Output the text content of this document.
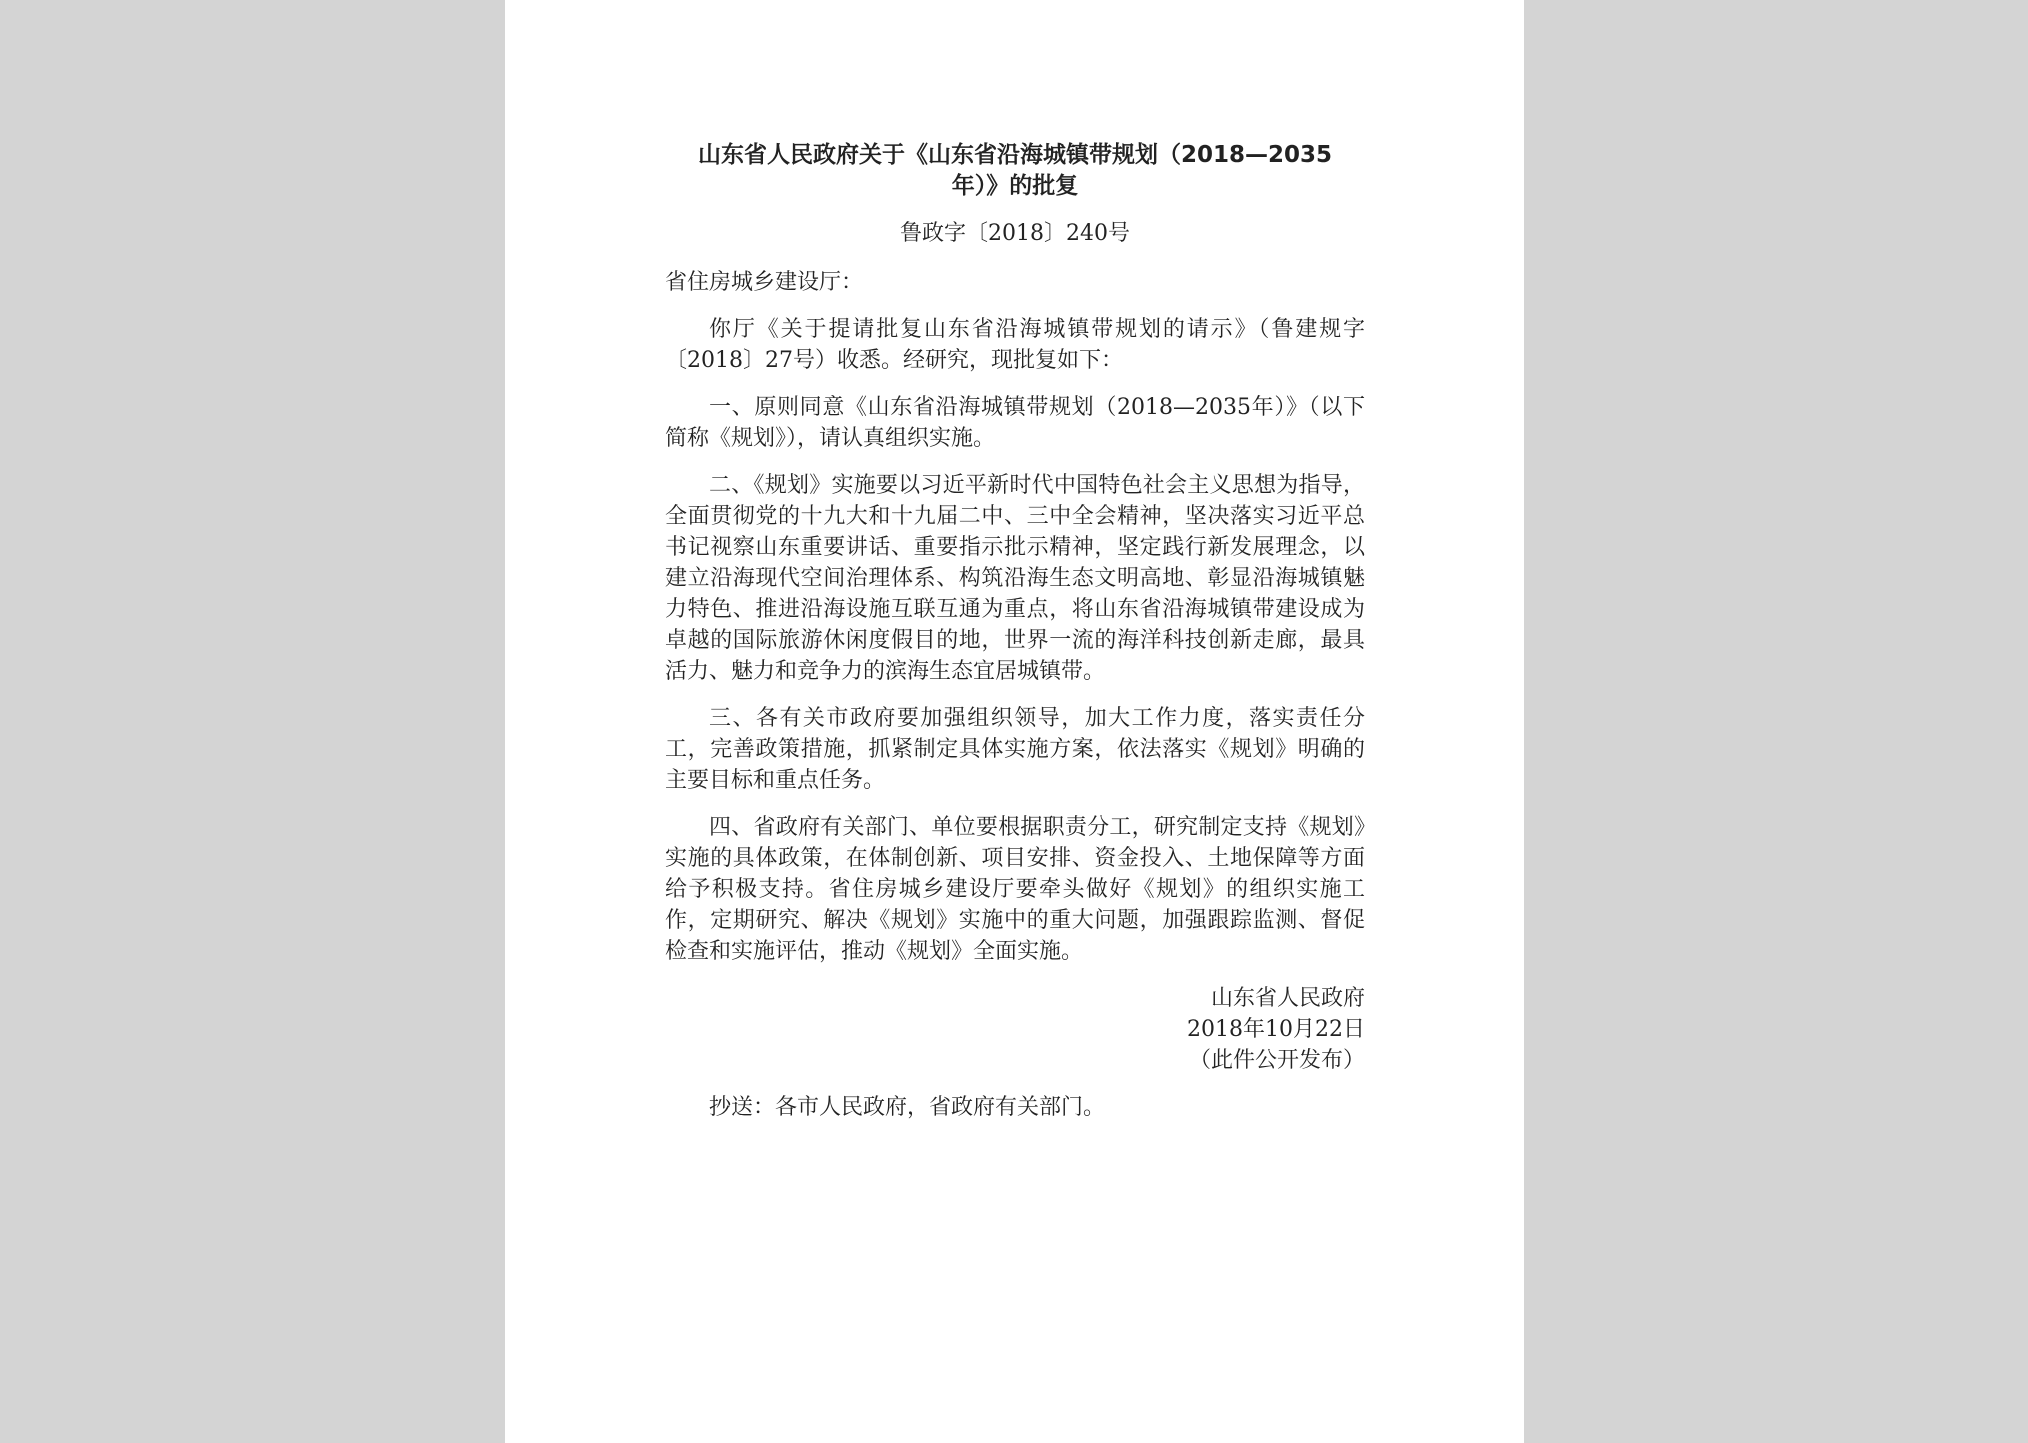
山东省人民政府关于《山东省沿海城镇带规划（2018—2035
年）》的批复
鲁政字〔2018〕240号
省住房城乡建设厅：

你厅《关于提请批复山东省沿海城镇带规划的请示》（鲁建规字〔2018〕27号）收悉。经研究，现批复如下：

一、原则同意《山东省沿海城镇带规划（2018—2035年）》（以下简称《规划》），请认真组织实施。

二、《规划》实施要以习近平新时代中国特色社会主义思想为指导，全面贯彻党的十九大和十九届二中、三中全会精神，坚决落实习近平总书记视察山东重要讲话、重要指示批示精神，坚定践行新发展理念，以建立沿海现代空间治理体系、构筑沿海生态文明高地、彰显沿海城镇魅力特色、推进沿海设施互联互通为重点，将山东省沿海城镇带建设成为卓越的国际旅游休闲度假目的地，世界一流的海洋科技创新走廊，最具活力、魅力和竞争力的滨海生态宜居城镇带。

三、各有关市政府要加强组织领导，加大工作力度，落实责任分工，完善政策措施，抓紧制定具体实施方案，依法落实《规划》明确的主要目标和重点任务。

四、省政府有关部门、单位要根据职责分工，研究制定支持《规划》实施的具体政策，在体制创新、项目安排、资金投入、土地保障等方面给予积极支持。省住房城乡建设厅要牵头做好《规划》的组织实施工作，定期研究、解决《规划》实施中的重大问题，加强跟踪监测、督促检查和实施评估，推动《规划》全面实施。

山东省人民政府
2018年10月22日
（此件公开发布）

抄送：各市人民政府，省政府有关部门。
